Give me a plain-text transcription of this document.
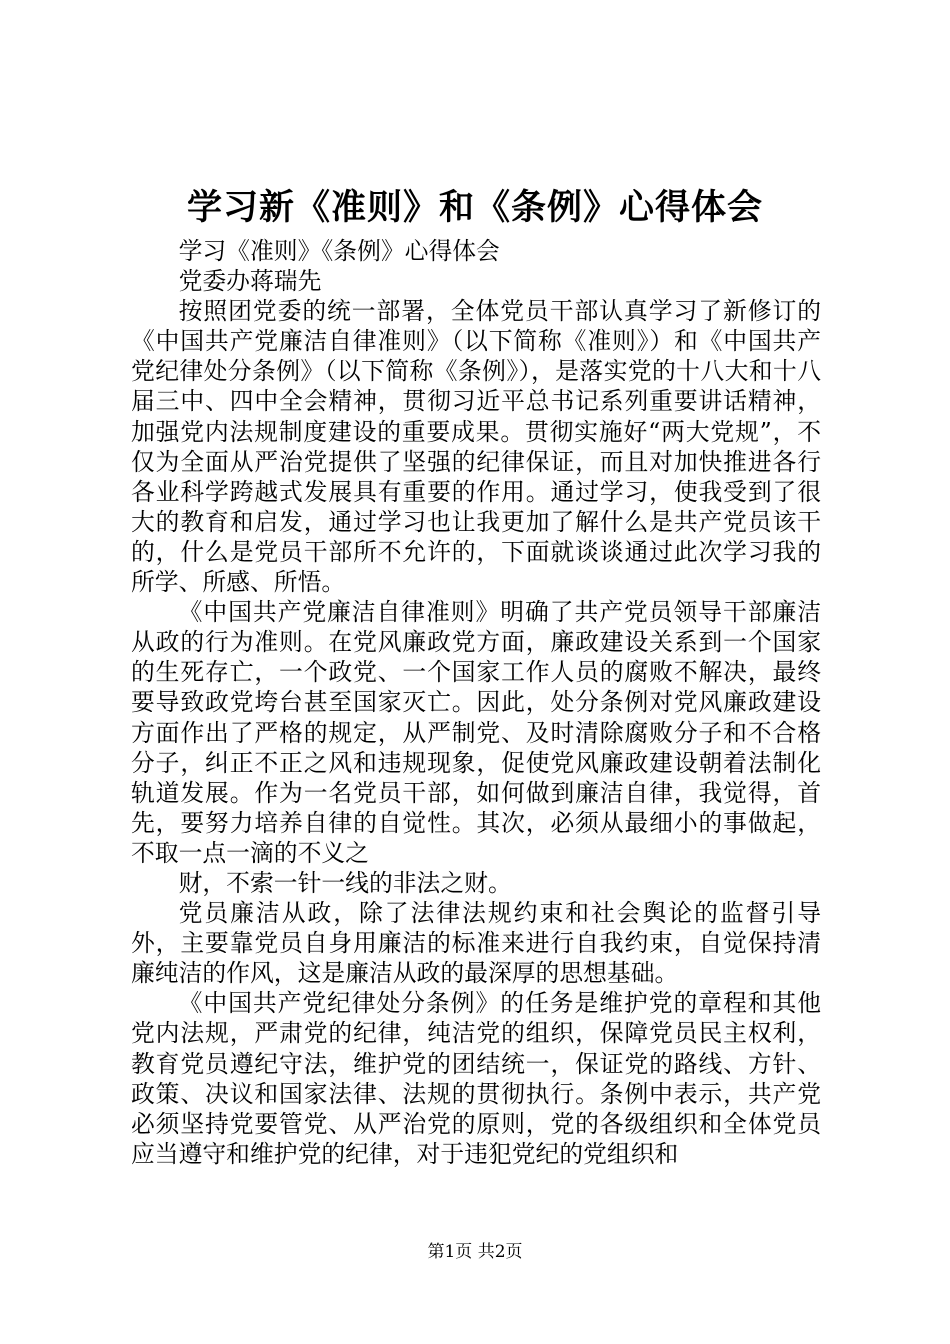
学习新《准则》和《条例》心得体会

学习《准则》《条例》心得体会

党委办蒋瑞先

按照团党委的统一部署，全体党员干部认真学习了新修订的《中国共产党廉洁自律准则》（以下简称《准则》）和《中国共产党纪律处分条例》（以下简称《条例》），是落实党的十八大和十八届三中、四中全会精神，贯彻习近平总书记系列重要讲话精神，加强党内法规制度建设的重要成果。贯彻实施好“两大党规”，不仅为全面从严治党提供了坚强的纪律保证，而且对加快推进各行各业科学跨越式发展具有重要的作用。通过学习，使我受到了很大的教育和启发，通过学习也让我更加了解什么是共产党员该干的，什么是党员干部所不允许的，下面就谈谈通过此次学习我的所学、所感、所悟。

《中国共产党廉洁自律准则》明确了共产党员领导干部廉洁从政的行为准则。在党风廉政党方面，廉政建设关系到一个国家的生死存亡，一个政党、一个国家工作人员的腐败不解决，最终要导致政党垮台甚至国家灭亡。因此，处分条例对党风廉政建设方面作出了严格的规定，从严制党、及时清除腐败分子和不合格分子，纠正不正之风和违规现象，促使党风廉政建设朝着法制化轨道发展。作为一名党员干部，如何做到廉洁自律，我觉得，首先，要努力培养自律的自觉性。其次，必须从最细小的事做起，不取一点一滴的不义之

财，不索一针一线的非法之财。

党员廉洁从政，除了法律法规约束和社会舆论的监督引导外，主要靠党员自身用廉洁的标准来进行自我约束，自觉保持清廉纯洁的作风，这是廉洁从政的最深厚的思想基础。

《中国共产党纪律处分条例》的任务是维护党的章程和其他党内法规，严肃党的纪律，纯洁党的组织，保障党员民主权利，教育党员遵纪守法，维护党的团结统一，保证党的路线、方针、政策、决议和国家法律、法规的贯彻执行。条例中表示，共产党必须坚持党要管党、从严治党的原则，党的各级组织和全体党员应当遵守和维护党的纪律，对于违犯党纪的党组织和

第1页 共2页
